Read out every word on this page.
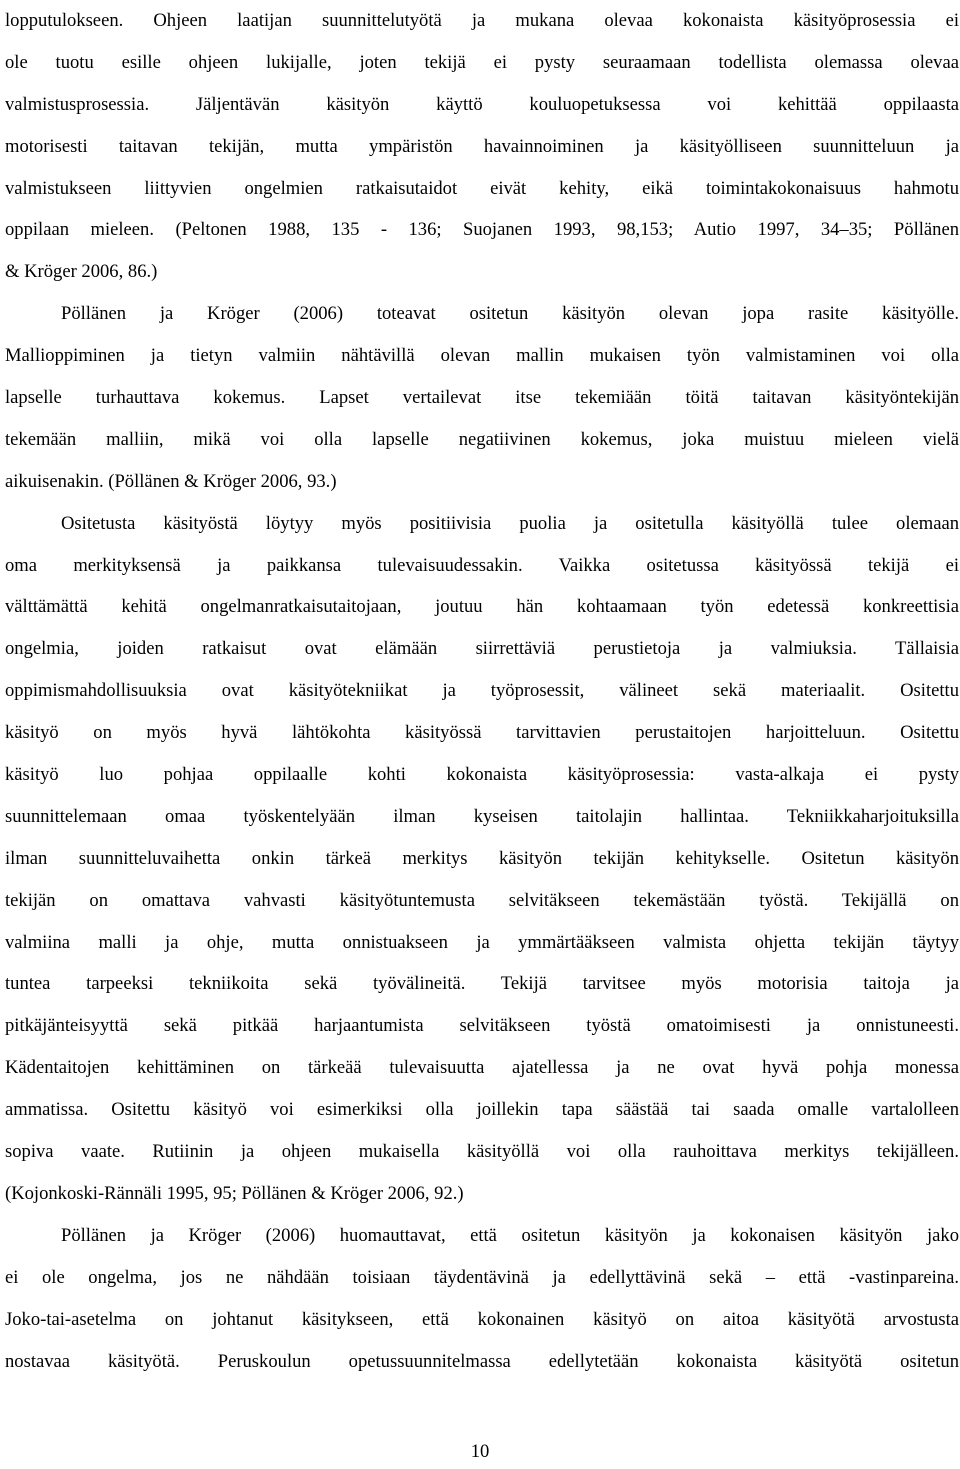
lopputulokseen. Ohjeen laatijan suunnittelutyötä ja mukana olevaa kokonaista käsityöprosessia ei
ole tuotu esille ohjeen lukijalle, joten tekijä ei pysty seuraamaan todellista olemassa olevaa
valmistusprosessia. Jäljentävän käsityön käyttö kouluopetuksessa voi kehittää oppilaasta
motorisesti taitavan tekijän, mutta ympäristön havainnoiminen ja käsityölliseen suunnitteluun ja
valmistukseen liittyvien ongelmien ratkaisutaidot eivät kehity, eikä toimintakokonaisuus hahmotu
oppilaan mieleen. (Peltonen 1988, 135 - 136; Suojanen 1993, 98,153; Autio 1997, 34–35; Pöllänen
& Kröger 2006, 86.)
Pöllänen ja Kröger (2006) toteavat ositetun käsityön olevan jopa rasite käsityölle.
Mallioppiminen ja tietyn valmiin nähtävillä olevan mallin mukaisen työn valmistaminen voi olla
lapselle turhauttava kokemus. Lapset vertailevat itse tekemiään töitä taitavan käsityöntekijän
tekemään malliin, mikä voi olla lapselle negatiivinen kokemus, joka muistuu mieleen vielä
aikuisenakin. (Pöllänen & Kröger 2006, 93.)
Ositetusta käsityöstä löytyy myös positiivisia puolia ja ositetulla käsityöllä tulee olemaan
oma merkityksensä ja paikkansa tulevaisuudessakin. Vaikka ositetussa käsityössä tekijä ei
välttämättä kehitä ongelmanratkaisutaitojaan, joutuu hän kohtaamaan työn edetessä konkreettisia
ongelmia, joiden ratkaisut ovat elämään siirrettäviä perustietoja ja valmiuksia. Tällaisia
oppimismahdollisuuksia ovat käsityötekniikat ja työprosessit, välineet sekä materiaalit. Ositettu
käsityö on myös hyvä lähtökohta käsityössä tarvittavien perustaitojen harjoitteluun. Ositettu
käsityö luo pohjaa oppilaalle kohti kokonaista käsityöprosessia: vasta-alkaja ei pysty
suunnittelemaan omaa työskentelyään ilman kyseisen taitolajin hallintaa. Tekniikkaharjoituksilla
ilman suunnitteluvaihetta onkin tärkeä merkitys käsityön tekijän kehitykselle. Ositetun käsityön
tekijän on omattava vahvasti käsityötuntemusta selvitäkseen tekemästään työstä. Tekijällä on
valmiina malli ja ohje, mutta onnistuakseen ja ymmärtääkseen valmista ohjetta tekijän täytyy
tuntea tarpeeksi tekniikoita sekä työvälineitä. Tekijä tarvitsee myös motorisia taitoja ja
pitkäjänteisyyttä sekä pitkää harjaantumista selvitäkseen työstä omatoimisesti ja onnistuneesti.
Kädentaitojen kehittäminen on tärkeää tulevaisuutta ajatellessa ja ne ovat hyvä pohja monessa
ammatissa. Ositettu käsityö voi esimerkiksi olla joillekin tapa säästää tai saada omalle vartalolleen
sopiva vaate. Rutiinin ja ohjeen mukaisella käsityöllä voi olla rauhoittava merkitys tekijälleen.
(Kojonkoski-Rännäli 1995, 95; Pöllänen & Kröger 2006, 92.)
Pöllänen ja Kröger (2006) huomauttavat, että ositetun käsityön ja kokonaisen käsityön jako
ei ole ongelma, jos ne nähdään toisiaan täydentävinä ja edellyttävinä sekä – että -vastinpareina.
Joko-tai-asetelma on johtanut käsitykseen, että kokonainen käsityö on aitoa käsityötä arvostusta
nostavaa käsityötä. Peruskoulun opetussuunnitelmassa edellytetään kokonaista käsityötä ositetun
10
